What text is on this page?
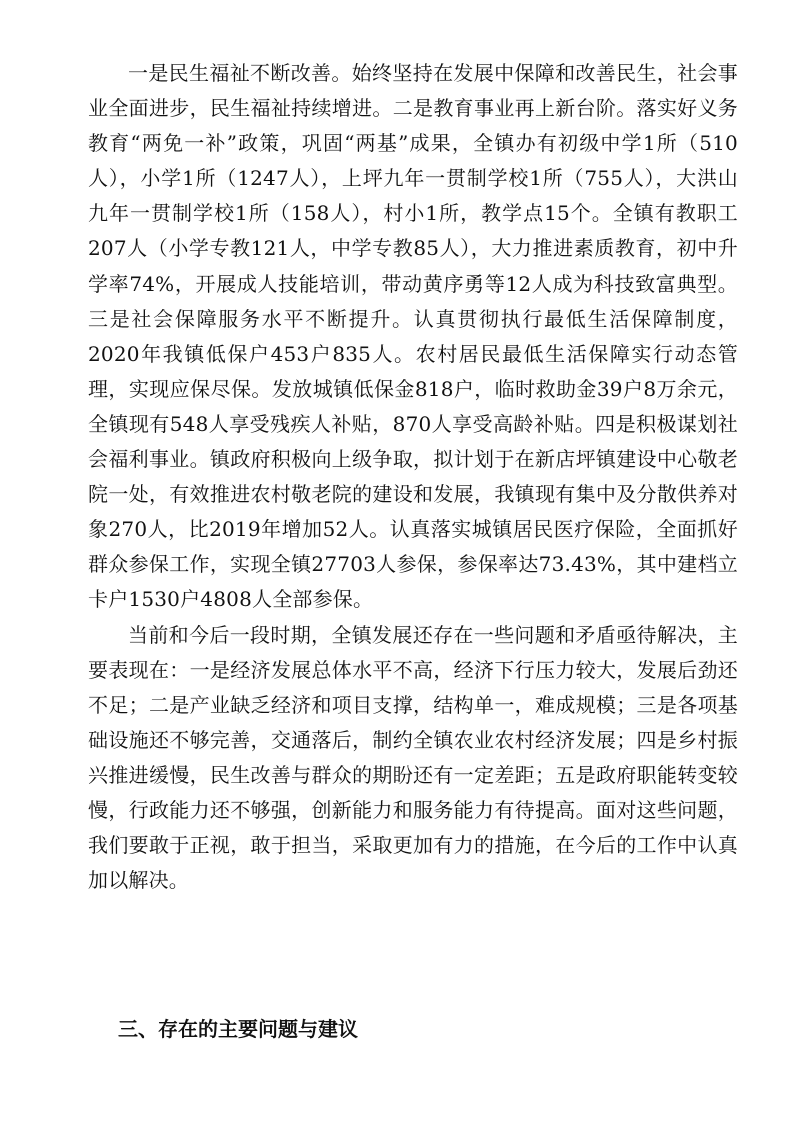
一是民生福祉不断改善。始终坚持在发展中保障和改善民生，社会事业全面进步，民生福祉持续增进。二是教育事业再上新台阶。落实好义务教育“两免一补”政策，巩固“两基”成果，全镇办有初级中学1所（510人），小学1所（1247人），上坪九年一贯制学校1所（755人），大洪山九年一贯制学校1所（158人），村小1所，教学点15个。全镇有教职工207人（小学专教121人，中学专教85人），大力推进素质教育，初中升学率74%，开展成人技能培训，带动黄序勇等12人成为科技致富典型。三是社会保障服务水平不断提升。认真贯彻执行最低生活保障制度，2020年我镇低保户453户835人。农村居民最低生活保障实行动态管理，实现应保尽保。发放城镇低保金818户，临时救助金39户8万余元，全镇现有548人享受残疾人补贴，870人享受高龄补贴。四是积极谋划社会福利事业。镇政府积极向上级争取，拟计划于在新店坪镇建设中心敬老院一处，有效推进农村敬老院的建设和发展，我镇现有集中及分散供养对象270人，比2019年增加52人。认真落实城镇居民医疗保险，全面抓好群众参保工作，实现全镇27703人参保，参保率达73.43%，其中建档立卡户1530户4808人全部参保。

当前和今后一段时期，全镇发展还存在一些问题和矛盾亟待解决，主要表现在：一是经济发展总体水平不高，经济下行压力较大，发展后劲还不足；二是产业缺乏经济和项目支撑，结构单一，难成规模；三是各项基础设施还不够完善，交通落后，制约全镇农业农村经济发展；四是乡村振兴推进缓慢，民生改善与群众的期盼还有一定差距；五是政府职能转变较慢，行政能力还不够强，创新能力和服务能力有待提高。面对这些问题，我们要敢于正视，敢于担当，采取更加有力的措施，在今后的工作中认真加以解决。

三、存在的主要问题与建议
